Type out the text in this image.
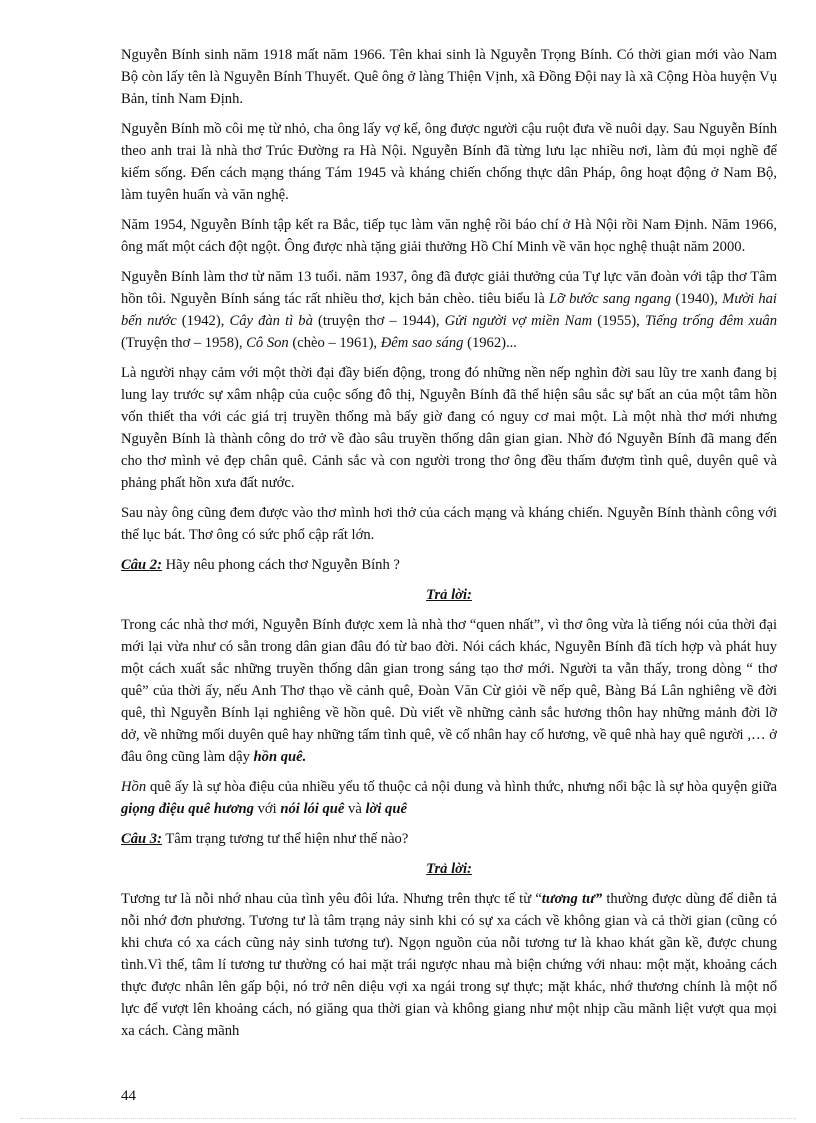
Nguyễn Bính sinh năm 1918 mất năm 1966. Tên khai sinh là Nguyễn Trọng Bính. Có thời gian mới vào Nam Bộ còn lấy tên là Nguyễn Bính Thuyết. Quê ông ở làng Thiện Vịnh, xã Đồng Đội nay là xã Cộng Hòa huyện Vụ Bản, tỉnh Nam Định.

Nguyễn Bính mồ côi mẹ từ nhỏ, cha ông lấy vợ kế, ông được người cậu ruột đưa về nuôi dạy. Sau Nguyễn Bính theo anh trai là nhà thơ Trúc Đường ra Hà Nội. Nguyễn Bính đã từng lưu lạc nhiều nơi, làm đủ mọi nghề để kiếm sống. Đến cách mạng tháng Tám 1945 và kháng chiến chống thực dân Pháp, ông hoạt động ở Nam Bộ, làm tuyên huấn và văn nghệ.

Năm 1954, Nguyễn Bính tập kết ra Bắc, tiếp tục làm văn nghệ rồi báo chí ở Hà Nội rồi Nam Định. Năm 1966, ông mất một cách đột ngột. Ông được nhà tặng giải thưởng Hồ Chí Minh về văn học nghệ thuật năm 2000.

Nguyễn Bính làm thơ từ năm 13 tuổi. năm 1937, ông đã được giải thưởng của Tự lực văn đoàn với tập thơ Tâm hồn tôi. Nguyễn Bính sáng tác rất nhiều thơ, kịch bản chèo. tiêu biểu là Lỡ bước sang ngang (1940), Mười hai bến nước (1942), Cây đàn tì bà (truyện thơ – 1944), Gửi người vợ miền Nam (1955), Tiếng trống đêm xuân (Truyện thơ – 1958), Cô Son (chèo – 1961), Đêm sao sáng (1962)...

Là người nhạy cảm với một thời đại đầy biến động, trong đó những nền nếp nghìn đời sau lũy tre xanh đang bị lung lay trước sự xâm nhập của cuộc sống đô thị, Nguyễn Bính đã thể hiện sâu sắc sự bất an của một tâm hồn vốn thiết tha với các giá trị truyền thống mà bấy giờ đang có nguy cơ mai một. Là một nhà thơ mới nhưng Nguyễn Bính là thành công do trở về đào sâu truyền thống dân gian gian. Nhờ đó Nguyễn Bính đã mang đến cho thơ mình vẻ đẹp chân quê. Cảnh sắc và con người trong thơ ông đều thấm đượm tình quê, duyên quê và phảng phất hồn xưa đất nước.

Sau này ông cũng đem được vào thơ mình hơi thở của cách mạng và kháng chiến. Nguyễn Bính thành công với thể lục bát. Thơ ông có sức phổ cập rất lớn.

Câu 2: Hãy nêu phong cách thơ Nguyễn Bính ?

Trả lời:

Trong các nhà thơ mới, Nguyễn Bính được xem là nhà thơ “quen nhất”, vì thơ ông vừa là tiếng nói của thời đại mới lại vừa như có sẵn trong dân gian đâu đó từ bao đời. Nói cách khác, Nguyễn Bính đã tích hợp và phát huy một cách xuất sắc những truyền thống dân gian trong sáng tạo thơ mới. Người ta vẫn thấy, trong dòng “ thơ quê” của thời ấy, nếu Anh Thơ thạo về cảnh quê, Đoàn Văn Cừ giỏi về nếp quê, Bàng Bá Lân nghiêng về đời quê, thì Nguyễn Bính lại nghiêng về hồn quê. Dù viết về những cảnh sắc hương thôn hay những mảnh đời lỡ dở, về những mối duyên quê hay những tấm tình quê, về cố nhân hay cố hương, về quê nhà hay quê người ,… ở đâu ông cũng làm dậy hồn quê.

Hồn quê ấy là sự hòa điệu của nhiều yếu tố thuộc cả nội dung và hình thức, nhưng nổi bậc là sự hòa quyện giữa giọng điệu quê hương với nói lói quê và lời quê

Câu 3: Tâm trạng tương tư thể hiện như thế nào?

Trả lời:

Tương tư là nỗi nhớ nhau của tình yêu đôi lứa. Nhưng trên thực tế từ “tương tư” thường được dùng để diễn tả nỗi nhớ đơn phương. Tương tư là tâm trạng nảy sinh khi có sự xa cách về không gian và cả thời gian (cũng có khi chưa có xa cách cũng nảy sinh tương tư). Ngọn nguồn của nỗi tương tư là khao khát gần kề, được chung tình.Vì thế, tâm lí tương tư thường có hai mặt trái ngược nhau mà biện chứng với nhau: một mặt, khoảng cách thực được nhân lên gấp bội, nó trở nên diệu vợi xa ngái trong sự thực; mặt khác, nhớ thương chính là một nổ lực để vượt lên khoảng cách, nó giăng qua thời gian và không giang như một nhịp cầu mãnh liệt vượt qua mọi xa cách. Càng mãnh

44
